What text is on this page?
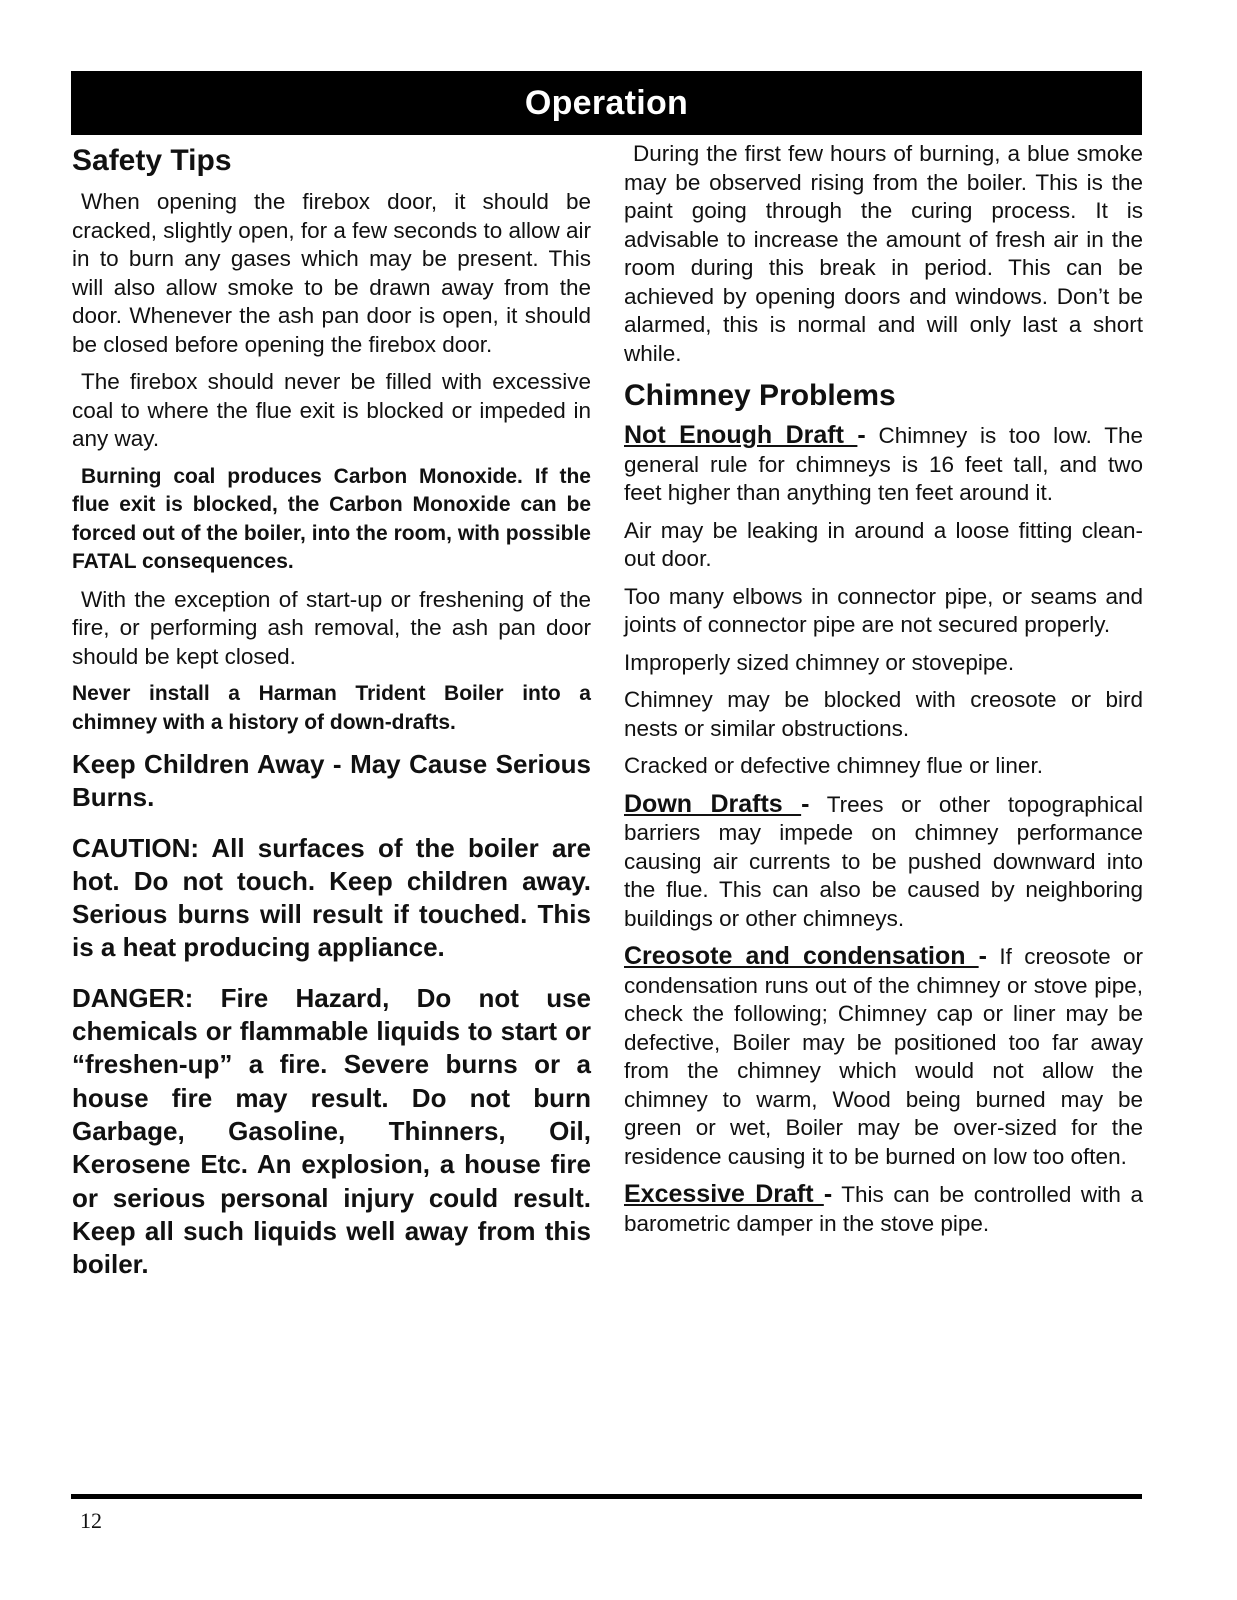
Operation
Safety Tips

When opening the firebox door, it should be cracked, slightly open, for a few seconds to allow air in to burn any gases which may be present. This will also allow smoke to be drawn away from the door. Whenever the ash pan door is open, it should be closed before opening the firebox door.

The firebox should never be filled with excessive coal to where the flue exit is blocked or impeded in any way.

Burning coal produces Carbon Monoxide. If the flue exit is blocked, the Carbon Monoxide can be forced out of the boiler, into the room, with possible FATAL consequences.

With the exception of start-up or freshening of the fire, or performing ash removal, the ash pan door should be kept closed.

Never install a Harman Trident Boiler into a chimney with a history of down-drafts.

Keep Children Away - May Cause Serious Burns.
CAUTION: All surfaces of the boiler are hot. Do not touch. Keep children away. Serious burns will result if touched. This is a heat producing appliance.
DANGER: Fire Hazard, Do not use chemicals or flammable liquids to start or “freshen-up” a fire. Severe burns or a house fire may result. Do not burn Garbage, Gasoline, Thinners, Oil, Kerosene Etc. An explosion, a house fire or serious personal injury could result. Keep all such liquids well away from this boiler.

During the first few hours of burning, a blue smoke may be observed rising from the boiler. This is the paint going through the curing process. It is advisable to increase the amount of fresh air in the room during this break in period. This can be achieved by opening doors and windows. Don’t be alarmed, this is normal and will only last a short while.

Chimney Problems

Not Enough Draft - Chimney is too low. The general rule for chimneys is 16 feet tall, and two feet higher than anything ten feet around it.

Air may be leaking in around a loose fitting clean-out door.

Too many elbows in connector pipe, or seams and joints of connector pipe are not secured properly.

Improperly sized chimney or stovepipe.

Chimney may be blocked with creosote or bird nests or similar obstructions.

Cracked or defective chimney flue or liner.

Down Drafts - Trees or other topographical barriers may impede on chimney performance causing air currents to be pushed downward into the flue. This can also be caused by neighboring buildings or other chimneys.

Creosote and condensation - If creosote or condensation runs out of the chimney or stove pipe, check the following; Chimney cap or liner may be defective, Boiler may be positioned too far away from the chimney which would not allow the chimney to warm, Wood being burned may be green or wet, Boiler may be over-sized for the residence causing it to be burned on low too often.

Excessive Draft - This can be controlled with a barometric damper in the stove pipe.

12
